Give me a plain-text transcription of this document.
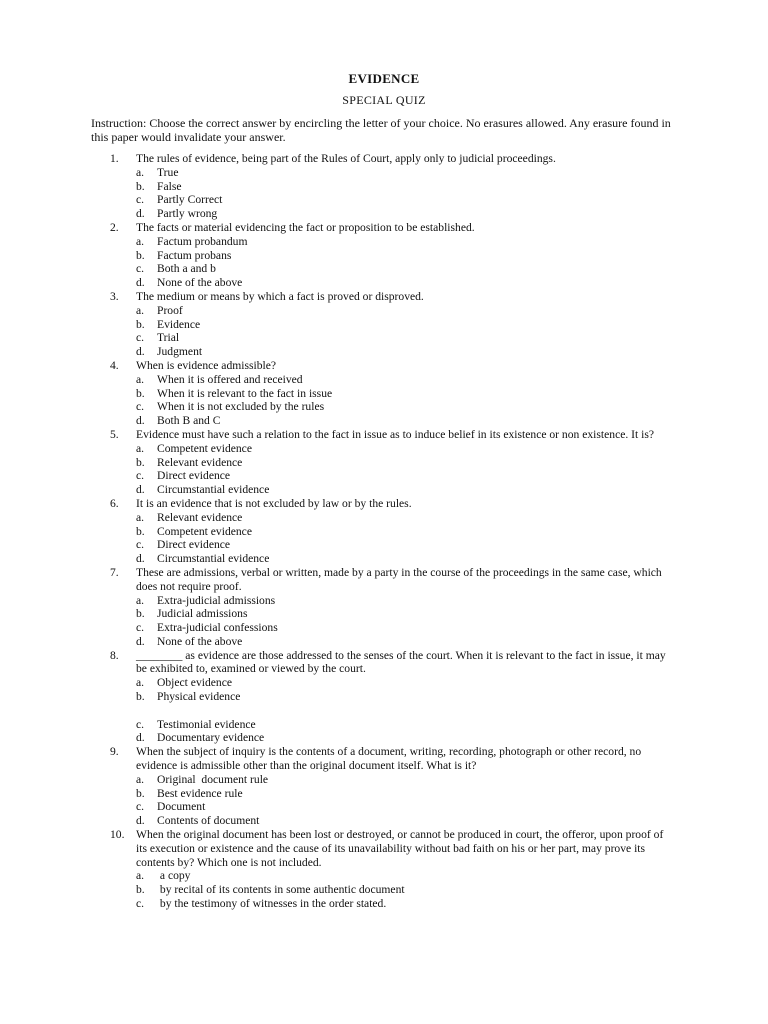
EVIDENCE
SPECIAL QUIZ
Instruction: Choose the correct answer by encircling the letter of your choice. No erasures allowed. Any erasure found in this paper would invalidate your answer.
1.	The rules of evidence, being part of the Rules of Court, apply only to judicial proceedings.
a. True
b. False
c. Partly Correct
d. Partly wrong
2.	The facts or material evidencing the fact or proposition to be established.
a. Factum probandum
b. Factum probans
c. Both a and b
d. None of the above
3.	The medium or means by which a fact is proved or disproved.
a. Proof
b. Evidence
c. Trial
d. Judgment
4.	When is evidence admissible?
a. When it is offered and received
b. When it is relevant to the fact in issue
c. When it is not excluded by the rules
d. Both B and C
5.	Evidence must have such a relation to the fact in issue as to induce belief in its existence or non existence. It is?
a. Competent evidence
b. Relevant evidence
c. Direct evidence
d. Circumstantial evidence
6.	It is an evidence that is not excluded by law or by the rules.
a. Relevant evidence
b. Competent evidence
c. Direct evidence
d. Circumstantial evidence
7.	These are admissions, verbal or written, made by a party in the course of the proceedings in the same case, which does not require proof.
a. Extra-judicial admissions
b. Judicial admissions
c. Extra-judicial confessions
d. None of the above
8.	________ as evidence are those addressed to the senses of the court. When it is relevant to the fact in issue, it may be exhibited to, examined or viewed by the court.
a. Object evidence
b. Physical evidence
c. Testimonial evidence
d. Documentary evidence
9.	When the subject of inquiry is the contents of a document, writing, recording, photograph or other record, no evidence is admissible other than the original document itself. What is it?
a. Original  document rule
b. Best evidence rule
c. Document
d. Contents of document
10. When the original document has been lost or destroyed, or cannot be produced in court, the offeror, upon proof of its execution or existence and the cause of its unavailability without bad faith on his or her part, may prove its contents by? Which one is not included.
a. a copy
b. by recital of its contents in some authentic document
c. by the testimony of witnesses in the order stated.
